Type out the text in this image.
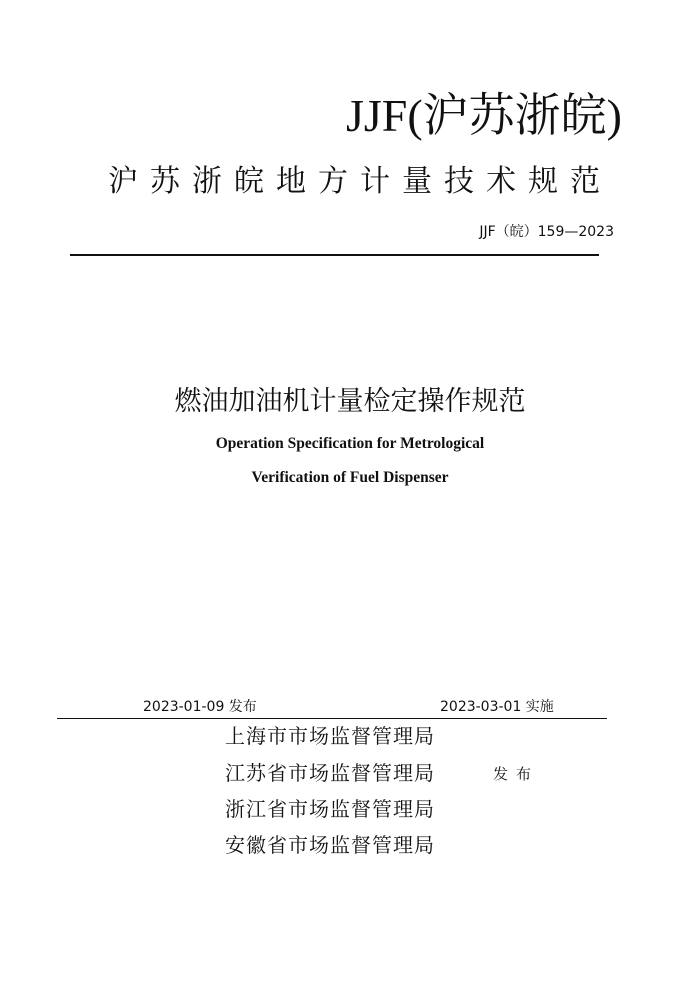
JJF(沪苏浙皖)
沪苏浙皖地方计量技术规范
JJF（皖）159—2023
燃油加油机计量检定操作规范
Operation Specification for Metrological
Verification of Fuel Dispenser
2023-01-09 发布	2023-03-01 实施
上海市市场监督管理局
江苏省市场监督管理局
浙江省市场监督管理局
安徽省市场监督管理局
发布
